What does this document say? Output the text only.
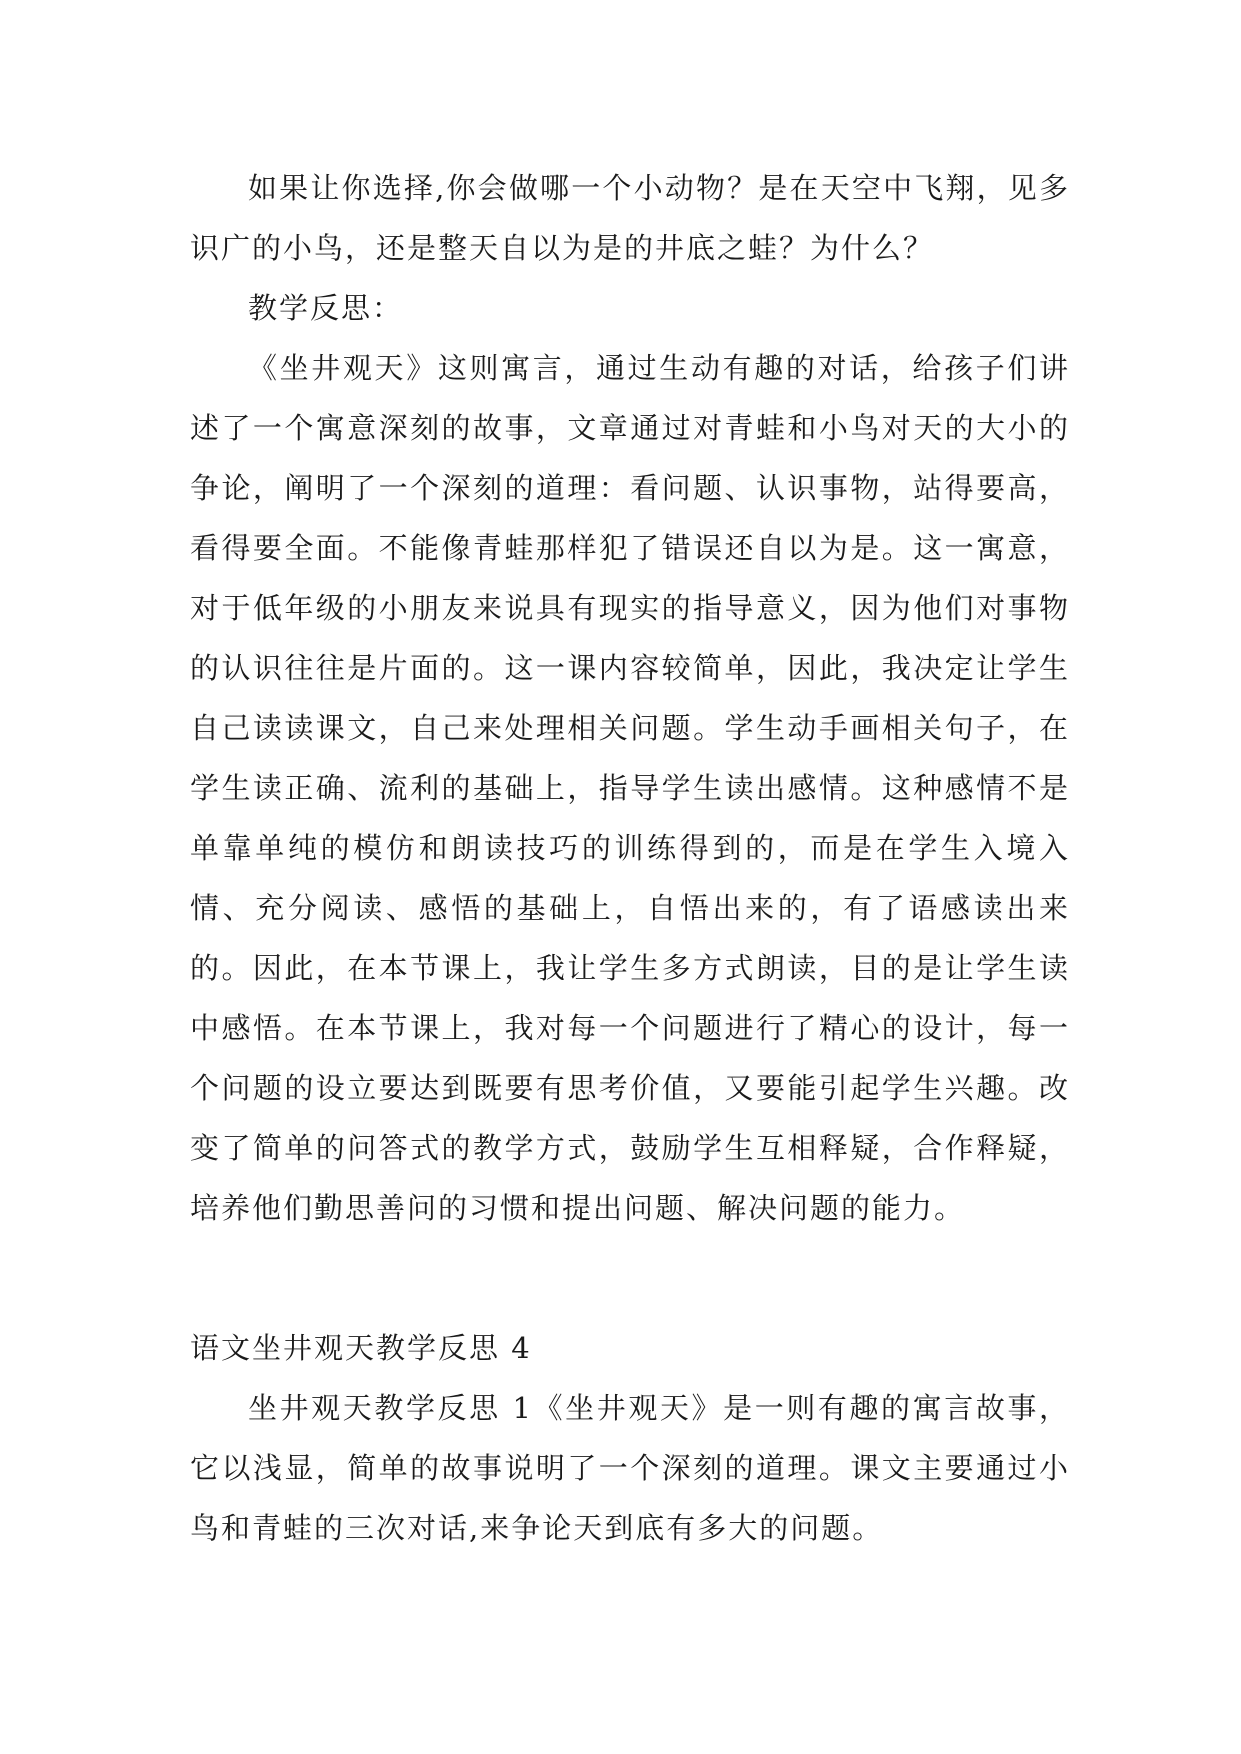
如果让你选择,你会做哪一个小动物？是在天空中飞翔，见多识广的小鸟，还是整天自以为是的井底之蛙？为什么？

教学反思：

《坐井观天》这则寓言，通过生动有趣的对话，给孩子们讲述了一个寓意深刻的故事，文章通过对青蛙和小鸟对天的大小的争论，阐明了一个深刻的道理：看问题、认识事物，站得要高，看得要全面。不能像青蛙那样犯了错误还自以为是。这一寓意，对于低年级的小朋友来说具有现实的指导意义，因为他们对事物的认识往往是片面的。这一课内容较简单，因此，我决定让学生自己读读课文，自己来处理相关问题。学生动手画相关句子，在学生读正确、流利的基础上，指导学生读出感情。这种感情不是单靠单纯的模仿和朗读技巧的训练得到的，而是在学生入境入情、充分阅读、感悟的基础上，自悟出来的，有了语感读出来的。因此，在本节课上，我让学生多方式朗读，目的是让学生读中感悟。在本节课上，我对每一个问题进行了精心的设计，每一个问题的设立要达到既要有思考价值，又要能引起学生兴趣。改变了简单的问答式的教学方式，鼓励学生互相释疑，合作释疑，培养他们勤思善问的习惯和提出问题、解决问题的能力。

语文坐井观天教学反思 4

坐井观天教学反思 1《坐井观天》是一则有趣的寓言故事，它以浅显，简单的故事说明了一个深刻的道理。课文主要通过小鸟和青蛙的三次对话,来争论天到底有多大的问题。
